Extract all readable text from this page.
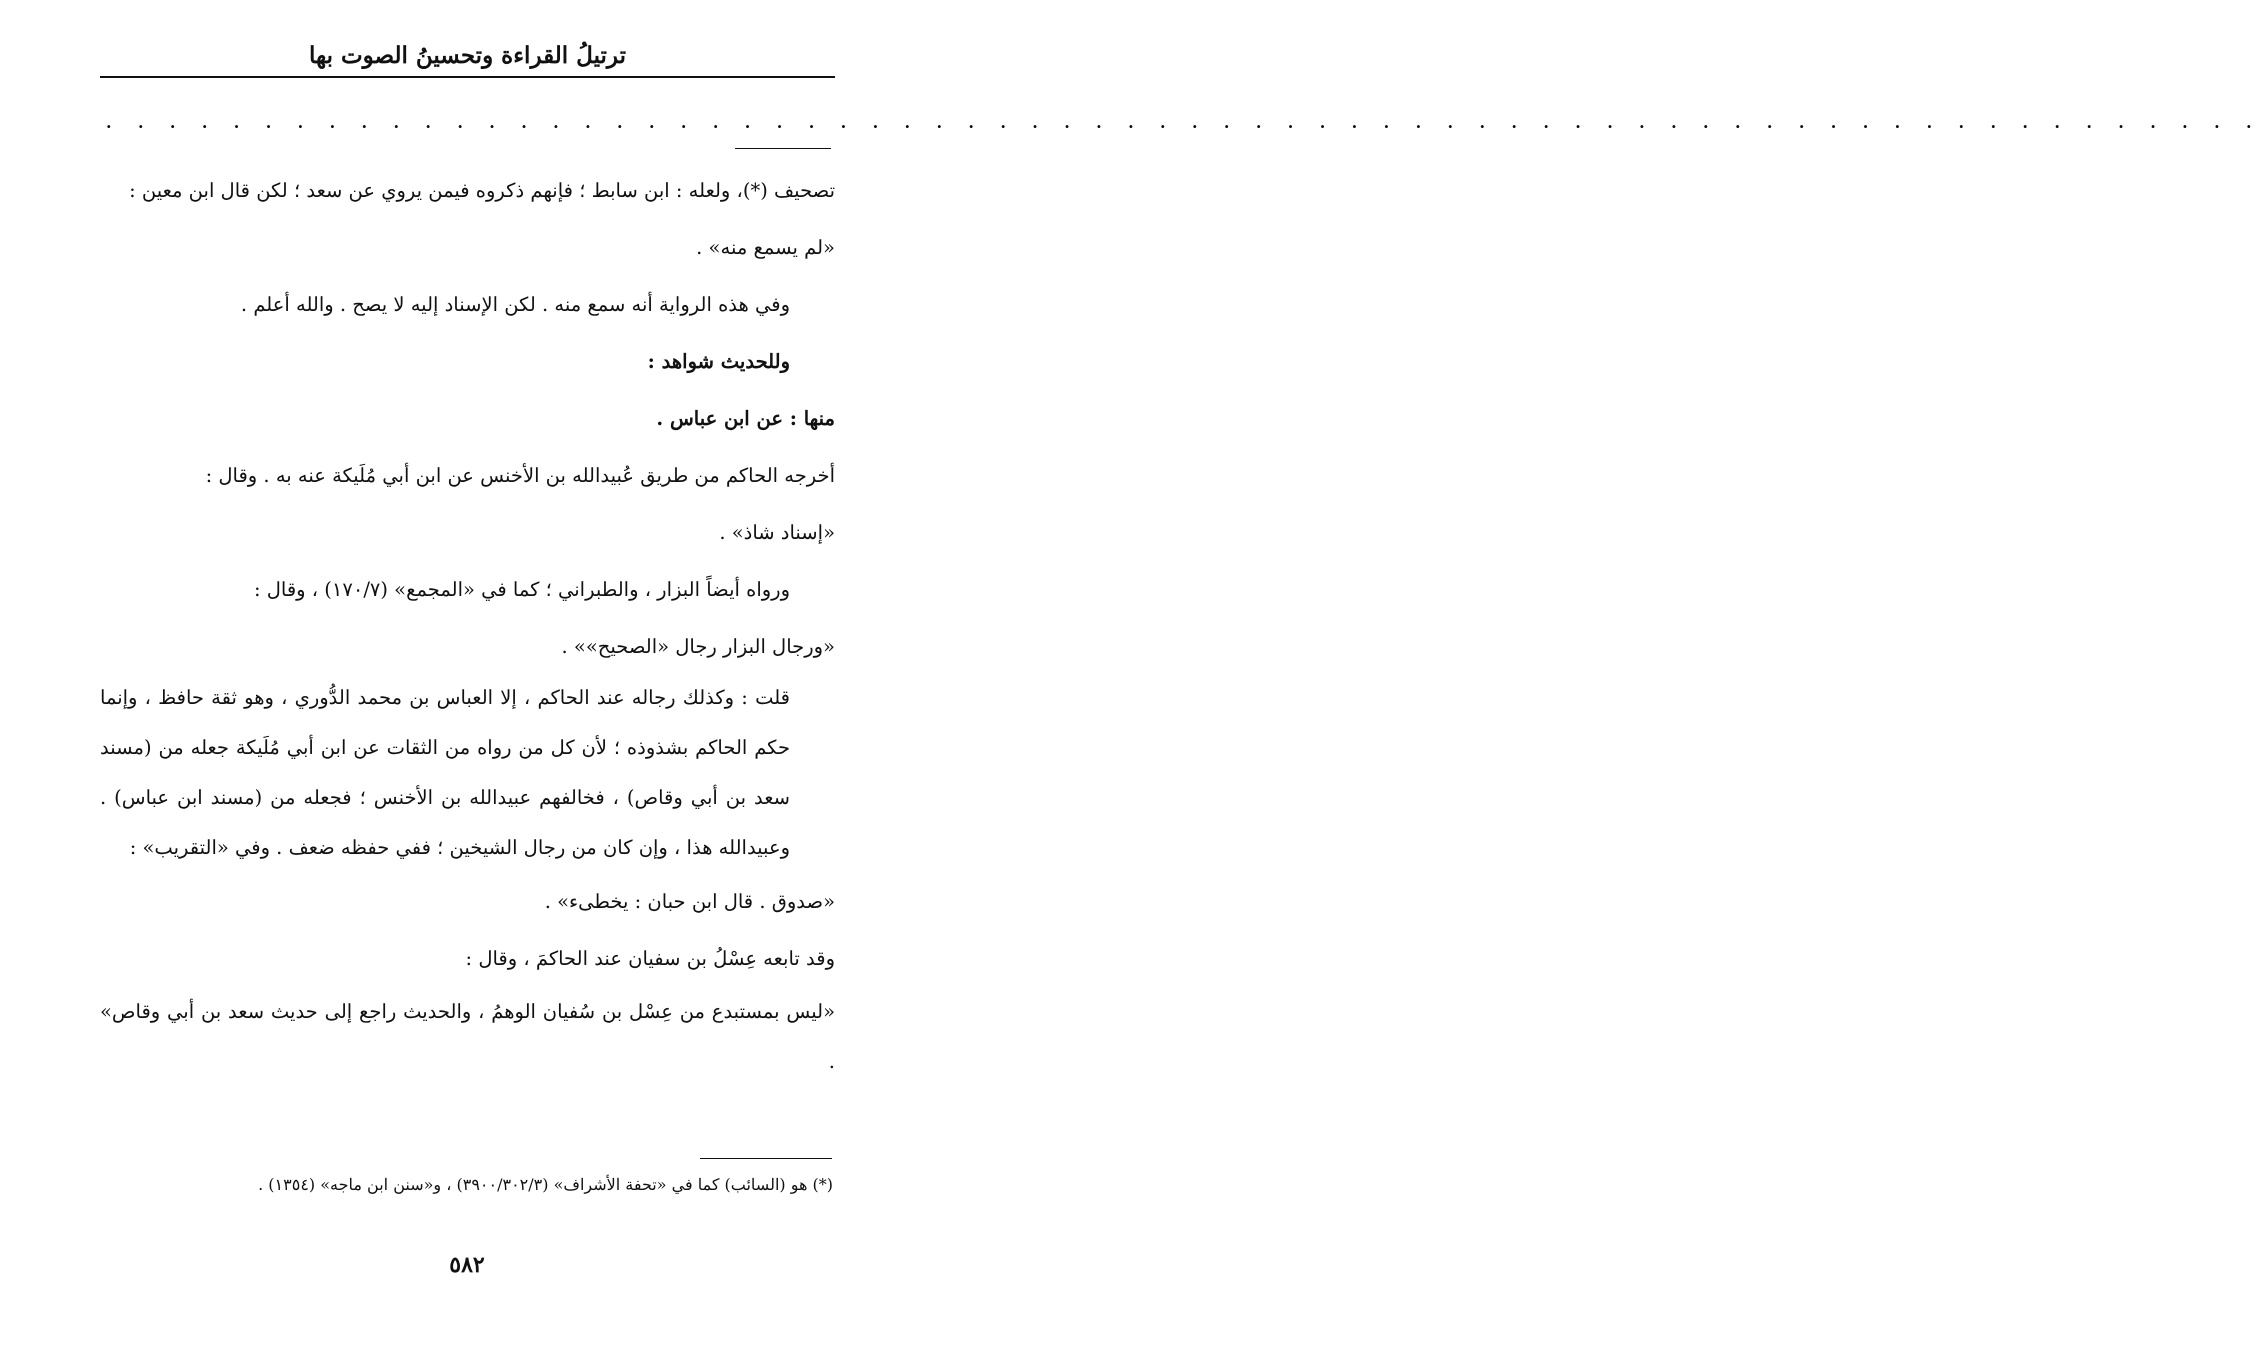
ترتيلُ القراءة وتحسينُ الصوت بها
. . . . . . . . . . . . . . . . . . . . . . . . . . . . . . . . . . . . . . . . . . . . . . . . . . . . . . . . . . . . . . . . . . . .

تصحيف (*)، ولعله : ابن سابط ؛ فإنهم ذكروه فيمن يروي عن سعد ؛ لكن قال ابن معين :

«لم يسمع منه» .

وفي هذه الرواية أنه سمع منه . لكن الإسناد إليه لا يصح . والله أعلم .

وللحديث شواهد :

منها : عن ابن عباس .

أخرجه الحاكم من طريق عُبيدالله بن الأخنس عن ابن أبي مُلَيكة عنه به . وقال :

«إسناد شاذ» .

ورواه أيضاً البزار ، والطبراني ؛ كما في «المجمع» (١٧٠/٧) ، وقال :

«ورجال البزار رجال «الصحيح»» .

قلت : وكذلك رجاله عند الحاكم ، إلا العباس بن محمد الدُّوري ، وهو ثقة حافظ ، وإنما حكم الحاكم بشذوذه ؛ لأن كل من رواه من الثقات عن ابن أبي مُلَيكة جعله من (مسند سعد بن أبي وقاص) ، فخالفهم عبيدالله بن الأخنس ؛ فجعله من (مسند ابن عباس) . وعبيدالله هذا ، وإن كان من رجال الشيخين ؛ ففي حفظه ضعف . وفي «التقريب» :

«صدوق . قال ابن حبان : يخطىء» .

وقد تابعه عِسْلُ بن سفيان عند الحاكمَ ، وقال :

«ليس بمستبدع من عِسْل بن سُفيان الوهمُ ، والحديث راجع إلى حديث سعد بن أبي وقاص» .

(*) هو (السائب) كما في «تحفة الأشراف» (٣٩٠٠/٣٠٢/٣) ، و«سنن ابن ماجه» (١٣٥٤) .
٥٨٢
